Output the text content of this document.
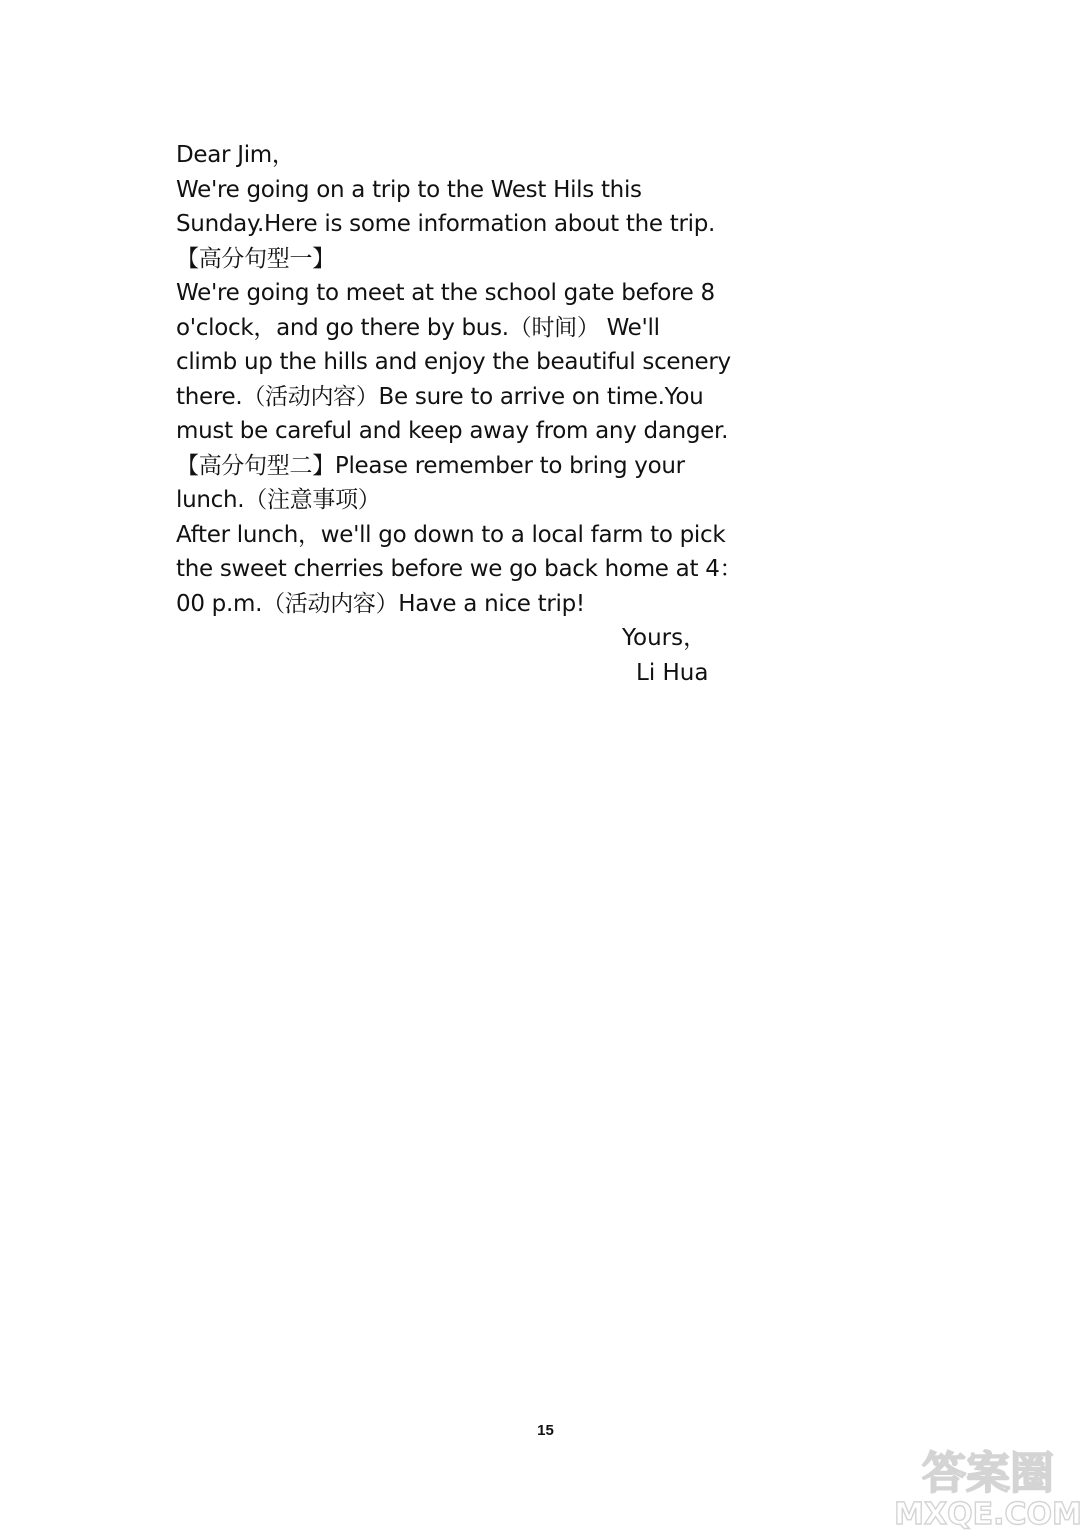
Dear Jim，
We're going on a trip to the West Hils this
Sunday.Here is some information about the trip.
【高分句型一】
We're going to meet at the school gate before 8
o'clock，and go there by bus.（时间） We'll
climb up the hills and enjoy the beautiful scenery
there.（活动内容）Be sure to arrive on time.You
must be careful and keep away from any danger.
【高分句型二】Please remember to bring your
lunch.（注意事项）
After lunch，we'll go down to a local farm to pick
the sweet cherries before we go back home at 4：
00 p.m.（活动内容）Have a nice trip!
Yours，
Li Hua
15
答案圈
MXQE.COM
